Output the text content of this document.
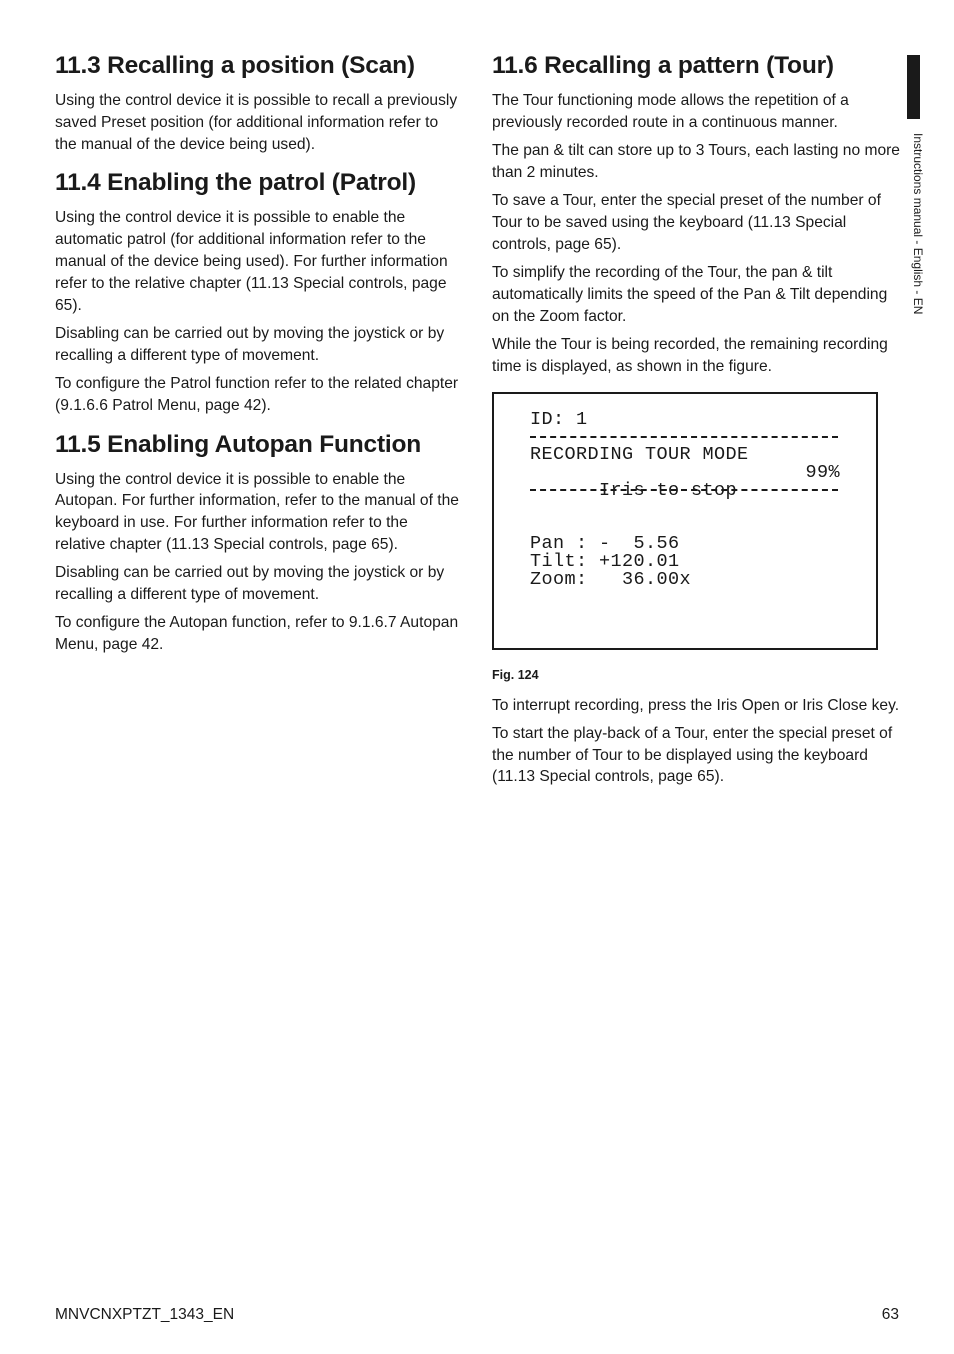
Instructions manual - English - EN
11.3 Recalling a position (Scan)

Using the control device it is possible to recall a previously saved Preset position (for additional information refer to the manual of the device being used).

11.4 Enabling the patrol (Patrol)

Using the control device it is possible to enable the automatic patrol (for additional information refer to the manual of the device being used). For further information refer to the relative chapter (11.13 Special controls, page 65).

Disabling can be carried out by moving the joystick or by recalling a different type of movement.

To configure the Patrol function refer to the related chapter (9.1.6.6 Patrol Menu, page 42).

11.5 Enabling Autopan Function

Using the control device it is possible to enable the Autopan. For further information, refer to the manual of the keyboard in use. For further information refer to the relative chapter (11.13 Special controls, page 65).

Disabling can be carried out by moving the joystick or by recalling a different type of movement.

To configure the Autopan function, refer to 9.1.6.7 Autopan Menu, page 42.

11.6 Recalling a pattern (Tour)

The Tour functioning mode allows the repetition of a previously recorded route in a continuous manner.

The pan & tilt can store up to 3 Tours, each lasting no more than 2 minutes.

To save a Tour, enter the special preset of the number of Tour to be saved using the keyboard (11.13 Special controls, page 65).

To simplify the recording of the Tour, the pan & tilt automatically limits the speed of the Pan & Tilt depending on the Zoom factor.

While the Tour is being recorded, the remaining recording time is displayed, as shown in the figure.

ID: 1
RECORDING TOUR MODE

Iris to stop

99%

Pan : -  5.56
Tilt: +120.01
Zoom:   36.00x
Fig. 124

To interrupt recording, press the Iris Open or Iris Close key.

To start the play-back of a Tour, enter the special preset of the number of Tour to be displayed using the keyboard (11.13 Special controls, page 65).

MNVCNXPTZT_1343_EN	63
